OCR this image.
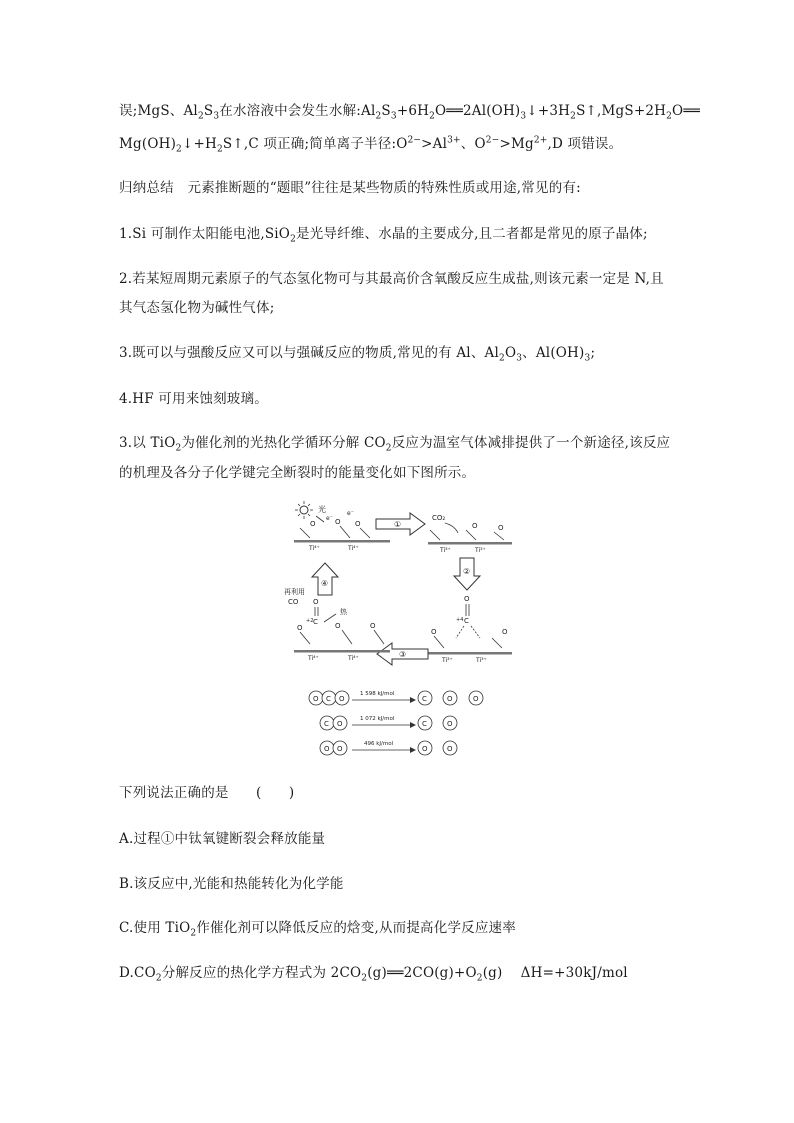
误;MgS、$Al_2S_3$在水溶液中会发生水解$:Al_2S_3+6H_2O══2Al(OH)_3↓+3H_2S↑,MgS+2H_2O══$
$Mg(OH)_2↓+H_2S↑,C$ 项正确;简单离子半径$:O^{2-}>Al^{3+}$、$O^{2-}>Mg^{2+},D$ 项错误。
归纳总结　元素推断题的“题眼”往往是某些物质的特殊性质或用途,常见的有:
1.Si 可制作太阳能电池,SiO$_2$是光导纤维、水晶的主要成分,且二者都是常见的原子晶体;
2.若某短周期元素原子的气态氢化物可与其最高价含氧酸反应生成盐,则该元素一定是 N,且
其气态氢化物为碱性气体;
3.既可以与强酸反应又可以与强碱反应的物质,常见的有 Al、$Al_2O_3$、$Al(OH)_3$;
4.HF 可用来蚀刻玻璃。
3.以 TiO$_2$为催化剂的光热化学循环分解 $CO_2$反应为温室气体减排提供了一个新途径,该反应
的机理及各分子化学键完全断裂时的能量变化如下图所示。
光
O	O O
e⁻
e⁻
Ti⁴⁺	Ti⁴⁺
①
CO₂
O	O
Ti³⁺	Ti³⁺
②
O
+4 C
O	O
Ti³⁺	Ti³⁺
③
再利用
CO O
+2 C
热
O	O	O
Ti⁴⁺	Ti⁴⁺
④
O C O
1 598 kJ/mol
C	O	O
C O
1 072 kJ/mol
C	O
O O
496 kJ/mol
O	O
下列说法正确的是　　(　　)
A.过程①中钛氧键断裂会释放能量
B.该反应中,光能和热能转化为化学能
C.使用 TiO$_2$作催化剂可以降低反应的焓变,从而提高化学反应速率
$D.CO_2$分解反应的热化学方程式为 $2CO_2(g)══2CO(g)+O_2(g)$　 ΔH=+30kJ/mol
